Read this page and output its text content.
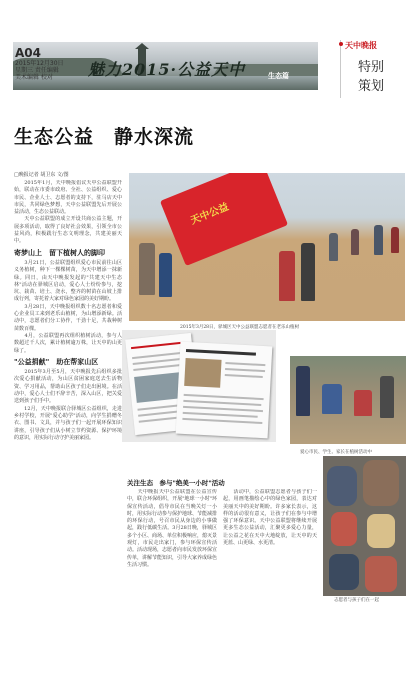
A04
2015年12月30日
星期三 责任编辑
美术编辑 校对	魅力2015·公益天中	生态篇
天中晚报
特别
策划
生态公益　静水深流
□晚报记者 胡卫东 文/图

　　2015年1月，天中晚报倡议天中公益联盟开始，联动在市委市政府、全社、公益组织、爱心市民、企业人士、志愿者的支持下，驻马店天中市民，共同绿色梦想，天中公益联盟先后开展公益活动，生态公益联动。

　　天中公益联盟的成立开设共商公益主题，开展多项活动，取得了良好社会效果，引领全市公益风尚，积极践行生态文明理念，共建美丽天中。

寄梦山上　留下植树人的脚印

　　3月21日，公益联盟组织爱心市民前往山区义务植树，种下一棵棵树苗，为天中增添一抹新绿。同日，由天中晚报发起的"共建天中生态林"活动在驿城区启动，爱心人士纷纷参与，挖坑、栽苗、培土、浇水，整齐的树苗在山坡上排成行列，寄托着大家对绿色家园的美好期盼。

　　3月28日，天中晚报组织数十名志愿者和爱心企业员工来到老乐山植树，为山增添新绿。活动中，志愿者们分工协作，干劲十足，共栽种树苗数百棵。

　　4月，公益联盟再次组织植树活动，参与人数超过千人次，累计植树逾万株，让天中的山更绿了。

"公益捐献"　助在帮家山区

　　2015年3月至5月，天中晚报先后组织多批次爱心捐献活动，为山区贫困家庭送去生活物资、学习用品，帮助山区孩子们走出困境。在活动中，爱心人士们不辞辛苦，深入山区，把关爱送到孩子们手中。

　　12月，天中晚报联合驿城区公益组织，走进乡村学校，开展"爱心助学"活动，向学生捐赠冬衣、图书、文具，并与孩子们一起开展环保知识讲座，引导孩子们从小树立节约资源、保护环境的意识，用实际行动守护美丽家园。

天中公益
2015年3月28日，驿城区天中公益联盟志愿者在老乐山植树
爱心市民、学生、家长在植树活动中
关注生态　参与"绝美一小时"活动

　　天中晚报天中公益联盟在公益宣传中，联合环保组织，开展"地球一小时"环保宣传活动，倡导市民在当晚关灯一小时，用实际行动参与保护地球、节能减排的环保行动，号召市民从身边的小事做起，践行低碳生活。3月28日晚，驿城区多个小区、商场、单位积极响应，熄灭景观灯，市民走出家门，参与环保宣传活动。活动现场，志愿者向市民发放环保宣传单，讲解节能知识，引导大家养成绿色生活习惯。

　　活动中，公益联盟志愿者与孩子们一起，用画笔描绘心中的绿色家园，表达对美丽天中的美好期盼。许多家长表示，这样的活动很有意义，让孩子们在参与中增强了环保意识。天中公益联盟将继续开展更多生态公益活动，汇聚更多爱心力量，让公益之花在天中大地绽放，让天中的天更蓝、山更绿、水更清。

志愿者与孩子们在一起
